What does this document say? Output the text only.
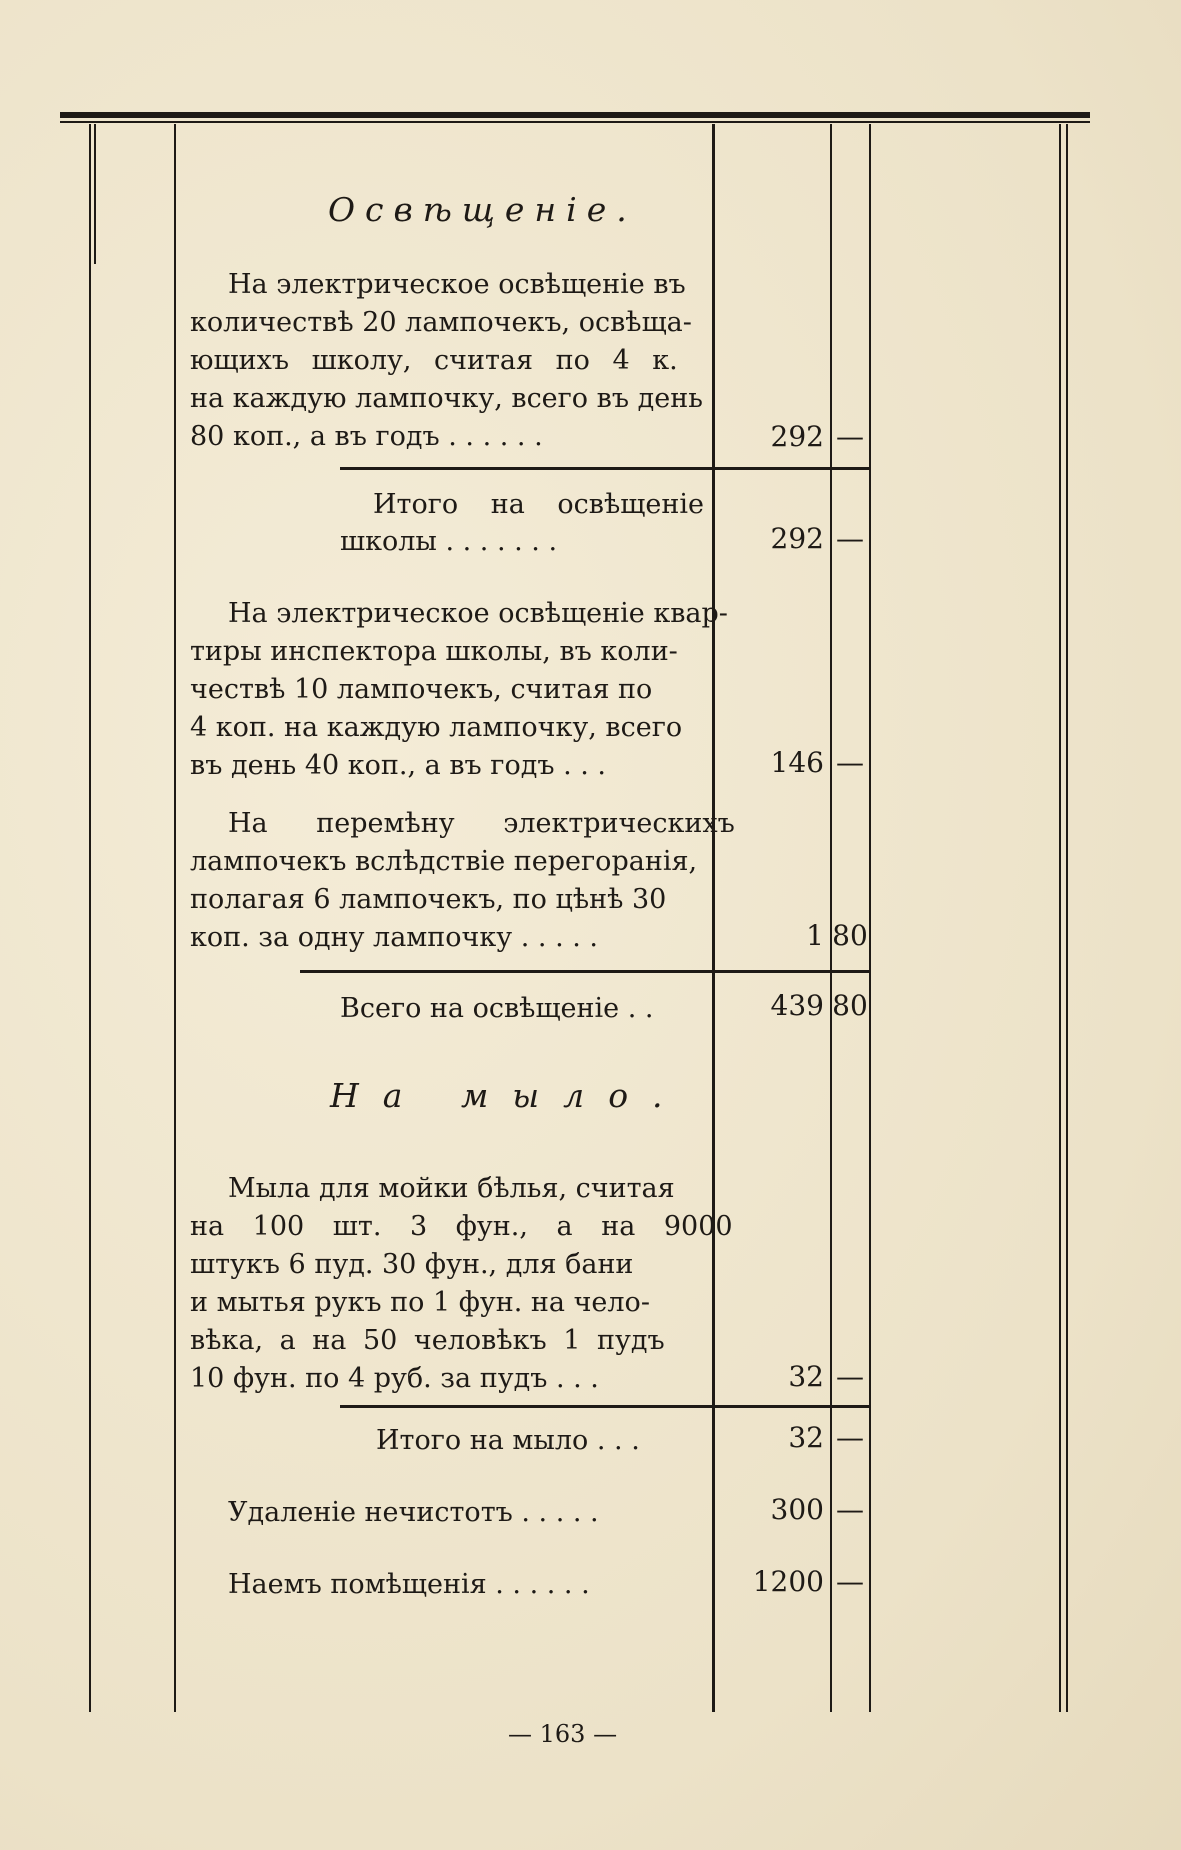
Освѣщеніе.
На электрическое освѣщеніе въ
количествѣ 20 лампочекъ, освѣща-
ющихъ школу, считая по 4 к.
на каждую лампочку, всего въ день
80 коп., а въ годъ . . . . . .	292 —
Итого на освѣщеніе
школы . . . . . . .	292 —
На электрическое освѣщеніе квар-
тиры инспектора школы, въ коли-
чествѣ 10 лампочекъ, считая по
4 коп. на каждую лампочку, всего
въ день 40 коп., а въ годъ . . .	146 —
На перемѣну электрическихъ
лампочекъ вслѣдствіе перегоранія,
полагая 6 лампочекъ, по цѣнѣ 30
коп. за одну лампочку . . . . .	1 80
Всего на освѣщеніе . .	439 80
На мыло.
Мыла для мойки бѣлья, считая
на 100 шт. 3 фун., а на 9000
штукъ 6 пуд. 30 фун., для бани
и мытья рукъ по 1 фун. на чело-
вѣка, а на 50 человѣкъ 1 пудъ
10 фун. по 4 руб. за пудъ . . .	32 —
Итого на мыло . . .	32 —
Удаленіе нечистотъ . . . . .	300 —
Наемъ помѣщенія . . . . . .	1200 —
— 163 —
